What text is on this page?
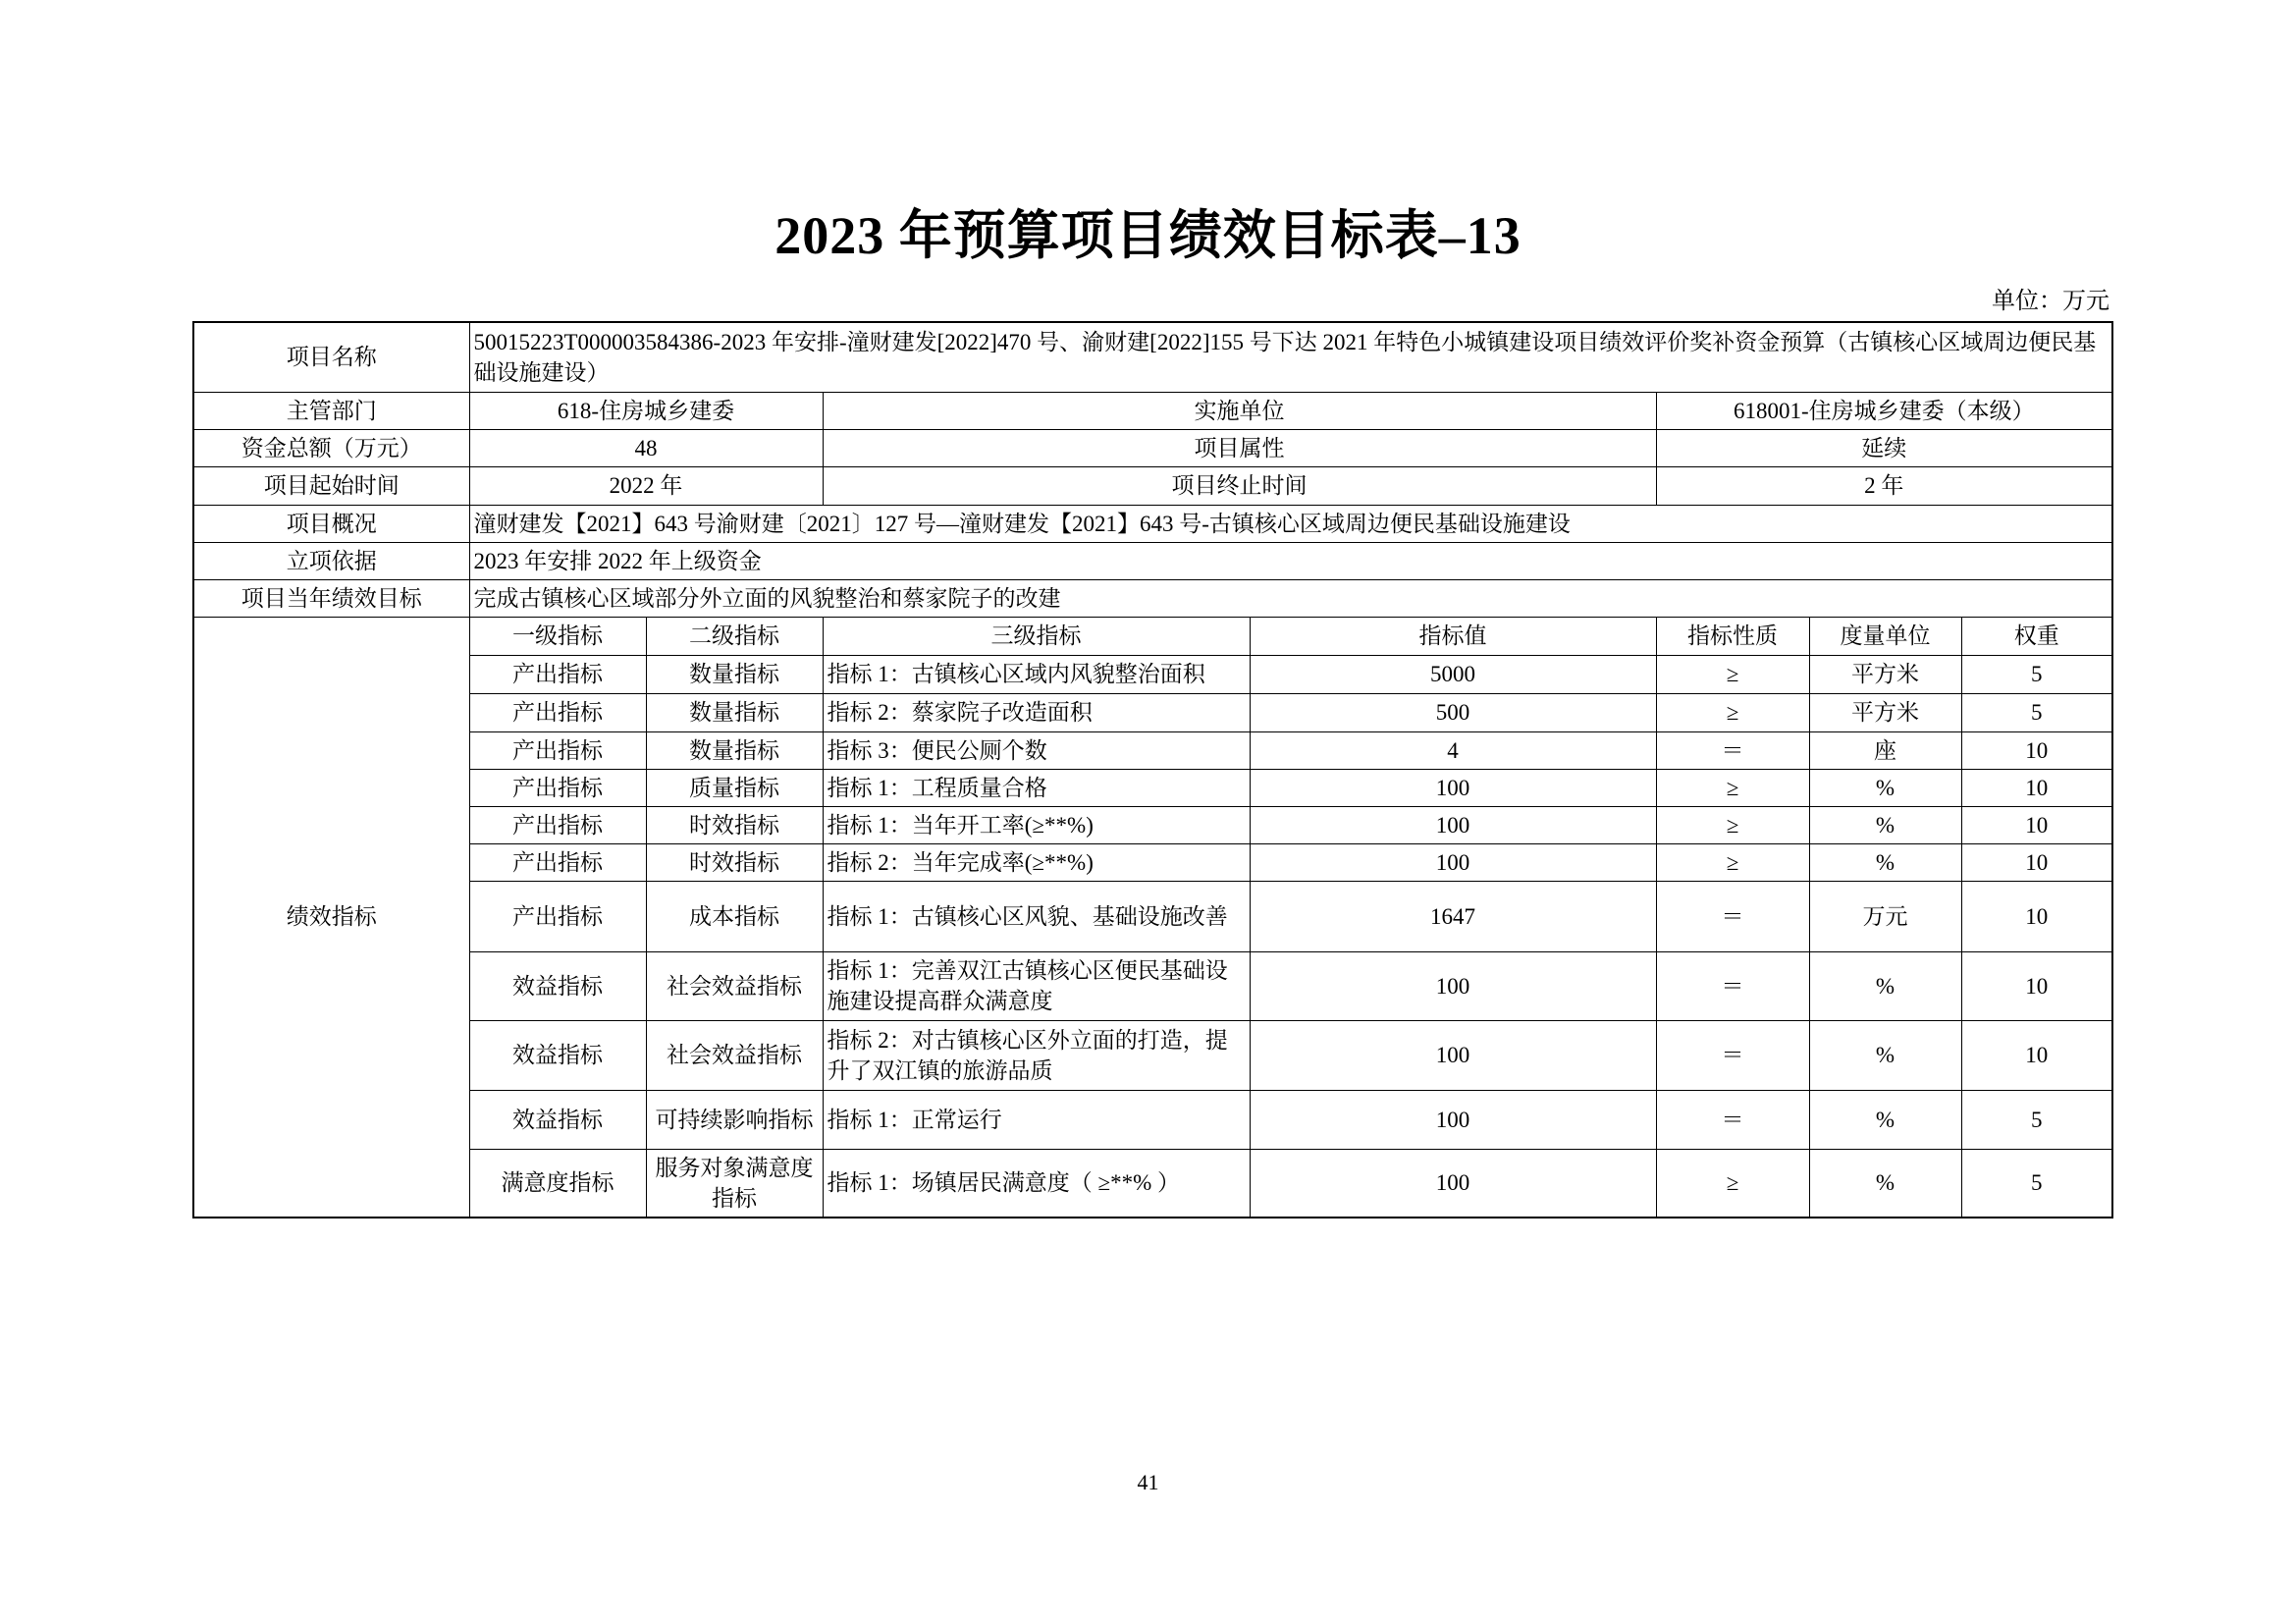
2023 年预算项目绩效目标表–13
单位：万元
项目名称	50015223T000003584386-2023 年安排-潼财建发[2022]470 号、渝财建[2022]155 号下达 2021 年特色小城镇建设项目绩效评价奖补资金预算（古镇核心区域周边便民基础设施建设）						
主管部门	618-住房城乡建委		实施单位		618001-住房城乡建委（本级）		
资金总额（万元）	48		项目属性		延续		
项目起始时间	2022 年		项目终止时间		2 年		
项目概况	潼财建发【2021】643 号渝财建〔2021〕127 号—潼财建发【2021】643 号-古镇核心区域周边便民基础设施建设						
立项依据	2023 年安排 2022 年上级资金						
项目当年绩效目标	完成古镇核心区域部分外立面的风貌整治和蔡家院子的改建						
绩效指标	一级指标	二级指标	三级指标	指标值	指标性质	度量单位	权重
	产出指标	数量指标	指标 1：古镇核心区域内风貌整治面积	5000	≥	平方米	5
	产出指标	数量指标	指标 2：蔡家院子改造面积	500	≥	平方米	5
	产出指标	数量指标	指标 3：便民公厕个数	4	＝	座	10
	产出指标	质量指标	指标 1：工程质量合格	100	≥	%	10
	产出指标	时效指标	指标 1：当年开工率(≥**%)	100	≥	%	10
	产出指标	时效指标	指标 2：当年完成率(≥**%)	100	≥	%	10
	产出指标	成本指标	指标 1：古镇核心区风貌、基础设施改善	1647	＝	万元	10
	效益指标	社会效益指标	指标 1：完善双江古镇核心区便民基础设施建设提高群众满意度	100	＝	%	10
	效益指标	社会效益指标	指标 2：对古镇核心区外立面的打造，提升了双江镇的旅游品质	100	＝	%	10
	效益指标	可持续影响指标	指标 1：正常运行	100	＝	%	5
	满意度指标	服务对象满意度指标	指标 1：场镇居民满意度（ ≥**% ）	100	≥	%	5
41
